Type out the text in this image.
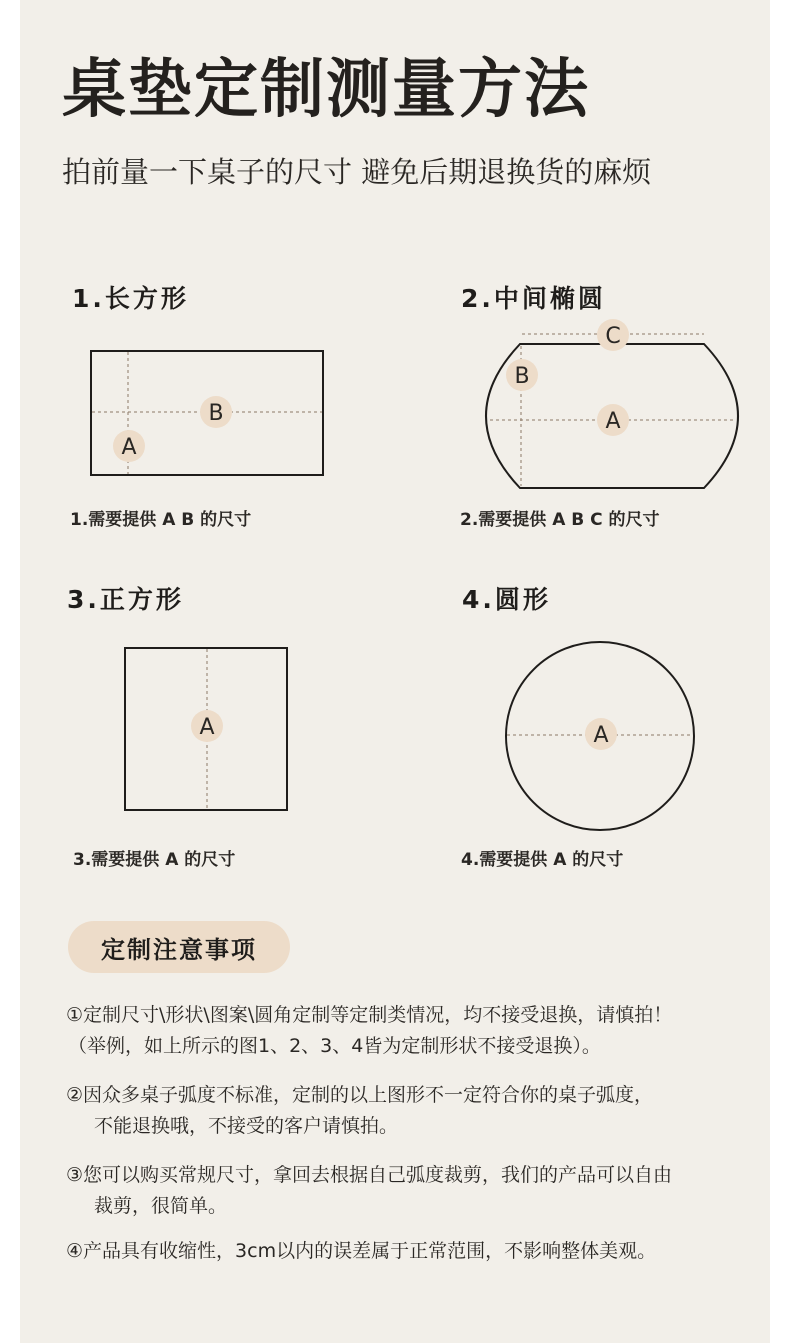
桌垫定制测量方法
拍前量一下桌子的尺寸 避免后期退换货的麻烦
1.长方形
B
A
1.需要提供 A B 的尺寸
2.中间椭圆
C
B
A
2.需要提供 A B C 的尺寸
3.正方形
A
3.需要提供 A 的尺寸
4.圆形
A
4.需要提供 A 的尺寸
定制注意事项
①定制尺寸\形状\图案\圆角定制等定制类情况，均不接受退换，请慎拍！

（举例，如上所示的图1、2、3、4皆为定制形状不接受退换）。
②因众多桌子弧度不标准，定制的以上图形不一定符合你的桌子弧度，

不能退换哦，不接受的客户请慎拍。
③您可以购买常规尺寸，拿回去根据自己弧度裁剪，我们的产品可以自由

裁剪，很简单。
④产品具有收缩性，3cm以内的误差属于正常范围，不影响整体美观。
